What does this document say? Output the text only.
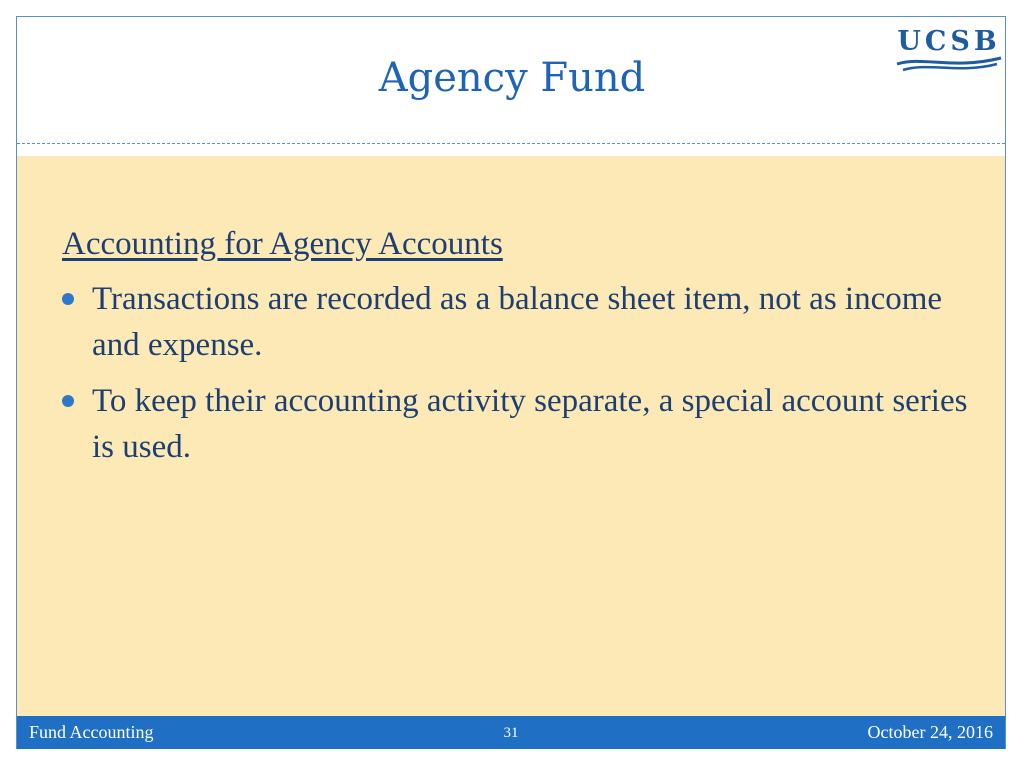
Agency Fund
UCSB
Accounting for Agency Accounts
Transactions are recorded as a balance sheet item, not as income and expense.
To keep their accounting activity separate, a special account series is used.
Fund Accounting	31	October 24, 2016
